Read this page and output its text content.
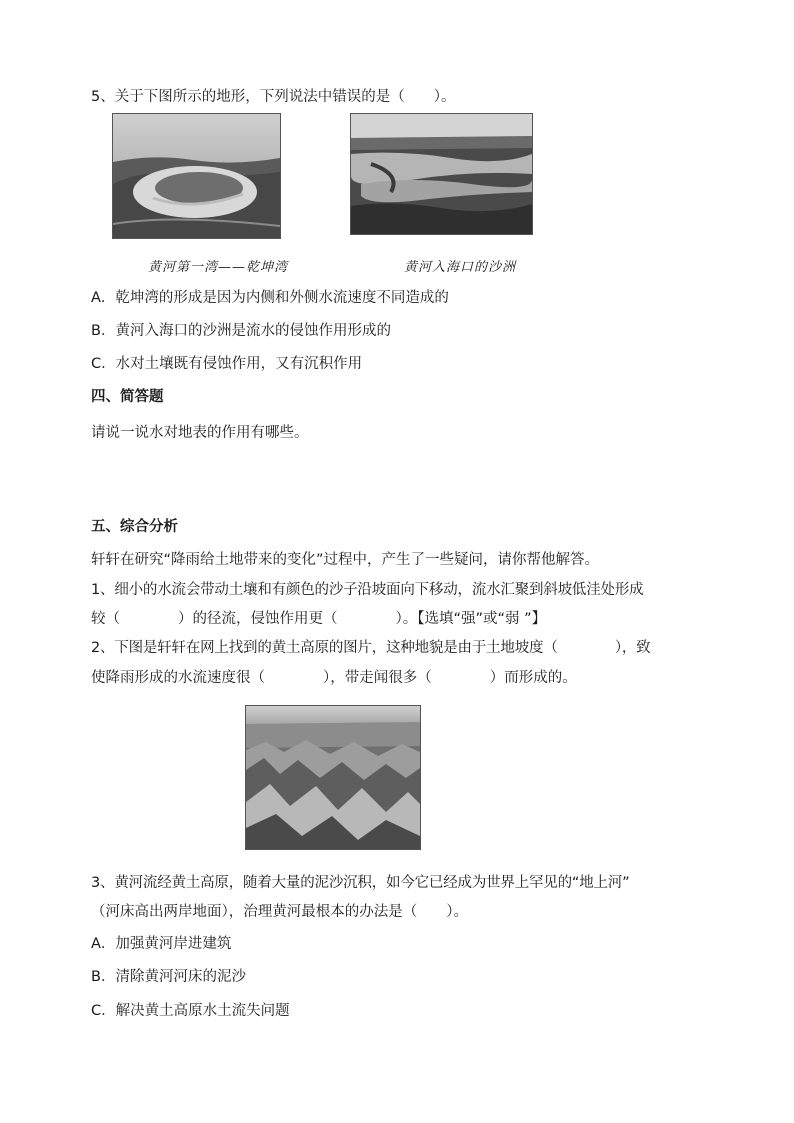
5、关于下图所示的地形，下列说法中错误的是（　　）。
黄河第一湾——乾坤湾	黄河入海口的沙洲
A．乾坤湾的形成是因为内侧和外侧水流速度不同造成的
B．黄河入海口的沙洲是流水的侵蚀作用形成的
C．水对土壤既有侵蚀作用，又有沉积作用
四、简答题
请说一说水对地表的作用有哪些。
五、综合分析
轩轩在研究“降雨给土地带来的变化”过程中，产生了一些疑问，请你帮他解答。
1、细小的水流会带动土壤和有颜色的沙子沿坡面向下移动，流水汇聚到斜坡低洼处形成
较（　　　　）的径流，侵蚀作用更（　　　　）。【选填“强”或“弱 ”】
2、下图是轩轩在网上找到的黄土高原的图片，这种地貌是由于土地坡度（　　　　），致
使降雨形成的水流速度很（　　　　），带走闻很多（　　　　）而形成的。
3、黄河流经黄土高原，随着大量的泥沙沉积，如今它已经成为世界上罕见的“地上河”
（河床高出两岸地面），治理黄河最根本的办法是（　　）。
A．加强黄河岸进建筑
B．清除黄河河床的泥沙
C．解决黄土高原水土流失问题
